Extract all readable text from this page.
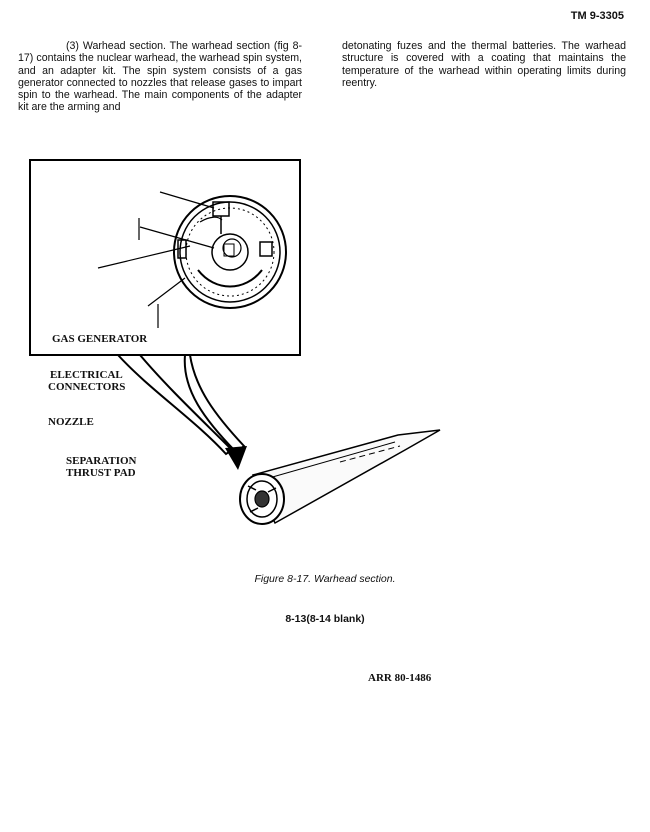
TM 9-3305

(3) Warhead section. The warhead section (fig 8-17) contains the nuclear warhead, the warhead spin system, and an adapter kit. The spin system consists of a gas generator connected to nozzles that release gases to impart spin to the warhead. The main components of the adapter kit are the arming and

detonating fuzes and the thermal batteries. The warhead structure is covered with a coating that maintains the temperature of the warhead within operating limits during reentry.

GAS GENERATOR
ELECTRICAL
CONNECTORS
NOZZLE
SEPARATION
THRUST PAD
ARR 80-1486
Figure 8-17. Warhead section.
8-13(8-14 blank)
